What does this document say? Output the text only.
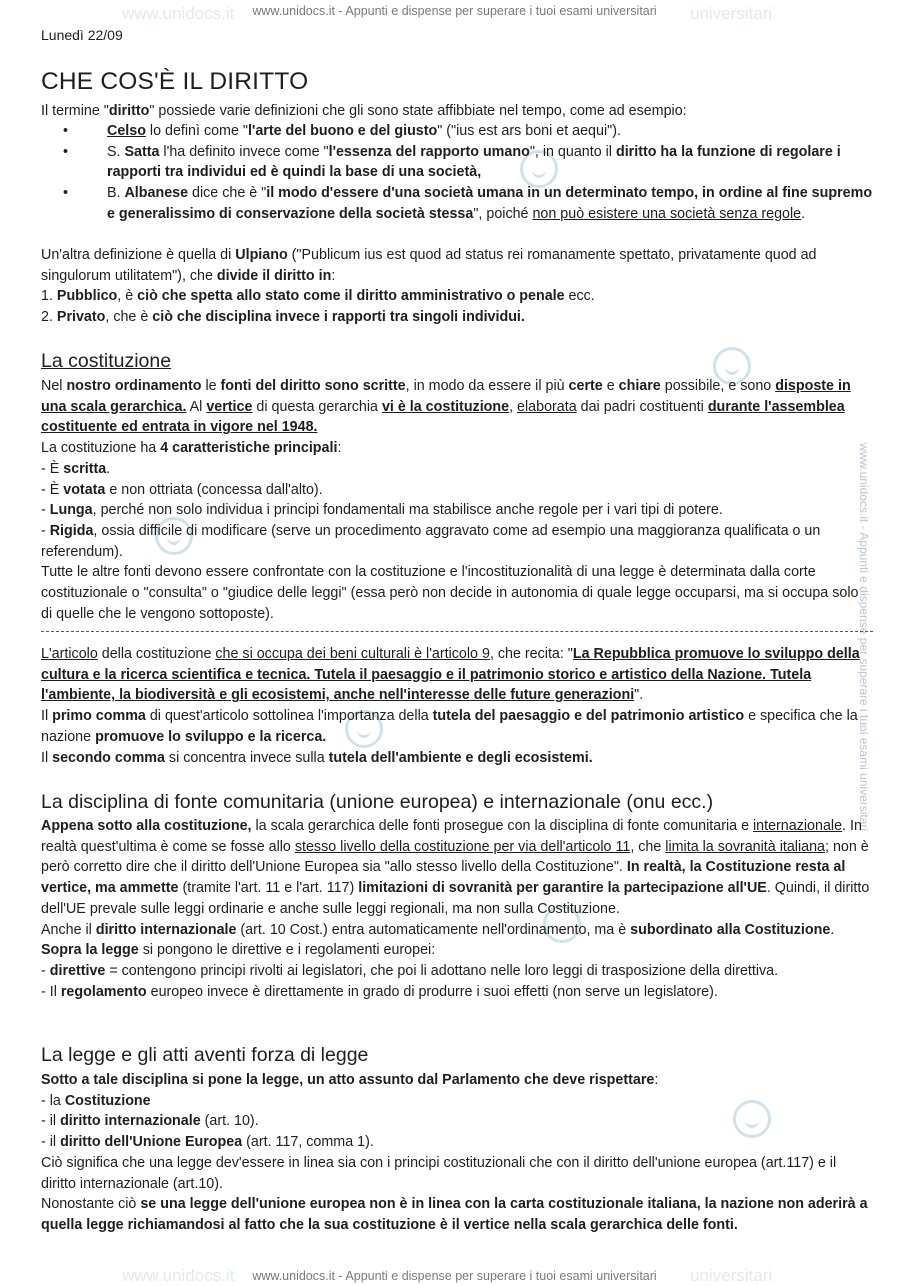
www.unidocs.it - Appunti e dispense per superare i tuoi esami universitari
www.unidocs.it - Appunti e dispense per superare i tuoi esami universitari
www.unidocs.it	universitari
www.unidocs.it	universitari
www.unidocs.it - Appunti e dispense per superare i tuoi esami universitari
Lunedì 22/09
CHE COS'È IL DIRITTO
Il termine "diritto" possiede varie definizioni che gli sono state affibbiate nel tempo, come ad esempio:
• Celso lo definì come "l'arte del buono e del giusto" ("ius est ars boni et aequi").
• S. Satta l'ha definito invece come "l'essenza del rapporto umano", in quanto il diritto ha la funzione di regolare i rapporti tra individui ed è quindi la base di una società,
• B. Albanese dice che è "il modo d'essere d'una società umana in un determinato tempo, in ordine al fine supremo e generalissimo di conservazione della società stessa", poiché non può esistere una società senza regole.
Un'altra definizione è quella di Ulpiano ("Publicum ius est quod ad status rei romanamente spettato, privatamente quod ad singulorum utilitatem"), che divide il diritto in:
1. Pubblico, è ciò che spetta allo stato come il diritto amministrativo o penale ecc.
2. Privato, che è ciò che disciplina invece i rapporti tra singoli individui.
La costituzione
Nel nostro ordinamento le fonti del diritto sono scritte, in modo da essere il più certe e chiare possibile, e sono disposte in una scala gerarchica. Al vertice di questa gerarchia vi è la costituzione, elaborata dai padri costituenti durante l'assemblea costituente ed entrata in vigore nel 1948.
La costituzione ha 4 caratteristiche principali:
- È scritta.
- È votata e non ottriata (concessa dall'alto).
- Lunga, perché non solo individua i principi fondamentali ma stabilisce anche regole per i vari tipi di potere.
- Rigida, ossia difficile di modificare (serve un procedimento aggravato come ad esempio una maggioranza qualificata o un referendum).
Tutte le altre fonti devono essere confrontate con la costituzione e l'incostituzionalità di una legge è determinata dalla corte costituzionale o "consulta" o "giudice delle leggi" (essa però non decide in autonomia di quale legge occuparsi, ma si occupa solo di quelle che le vengono sottoposte).
L'articolo della costituzione che si occupa dei beni culturali è l'articolo 9, che recita: "La Repubblica promuove lo sviluppo della cultura e la ricerca scientifica e tecnica. Tutela il paesaggio e il patrimonio storico e artistico della Nazione. Tutela l'ambiente, la biodiversità e gli ecosistemi, anche nell'interesse delle future generazioni".
Il primo comma di quest'articolo sottolinea l'importanza della tutela del paesaggio e del patrimonio artistico e specifica che la nazione promuove lo sviluppo e la ricerca.
Il secondo comma si concentra invece sulla tutela dell'ambiente e degli ecosistemi.
La disciplina di fonte comunitaria (unione europea) e internazionale (onu ecc.)
Appena sotto alla costituzione, la scala gerarchica delle fonti prosegue con la disciplina di fonte comunitaria e internazionale. In realtà quest'ultima è come se fosse allo stesso livello della costituzione per via dell'articolo 11, che limita la sovranità italiana; non è però corretto dire che il diritto dell'Unione Europea sia "allo stesso livello della Costituzione". In realtà, la Costituzione resta al vertice, ma ammette (tramite l'art. 11 e l'art. 117) limitazioni di sovranità per garantire la partecipazione all'UE. Quindi, il diritto dell'UE prevale sulle leggi ordinarie e anche sulle leggi regionali, ma non sulla Costituzione.
Anche il diritto internazionale (art. 10 Cost.) entra automaticamente nell'ordinamento, ma è subordinato alla Costituzione.
Sopra la legge si pongono le direttive e i regolamenti europei:
- direttive = contengono principi rivolti ai legislatori, che poi li adottano nelle loro leggi di trasposizione della direttiva.
- Il regolamento europeo invece è direttamente in grado di produrre i suoi effetti (non serve un legislatore).
La legge e gli atti aventi forza di legge
Sotto a tale disciplina si pone la legge, un atto assunto dal Parlamento che deve rispettare:
- la Costituzione
- il diritto internazionale (art. 10).
- il diritto dell'Unione Europea (art. 117, comma 1).
Ciò significa che una legge dev'essere in linea sia con i principi costituzionali che con il diritto dell'unione europea (art.117) e il diritto internazionale (art.10).
Nonostante ciò se una legge dell'unione europea non è in linea con la carta costituzionale italiana, la nazione non aderirà a quella legge richiamandosi al fatto che la sua costituzione è il vertice nella scala gerarchica delle fonti.
